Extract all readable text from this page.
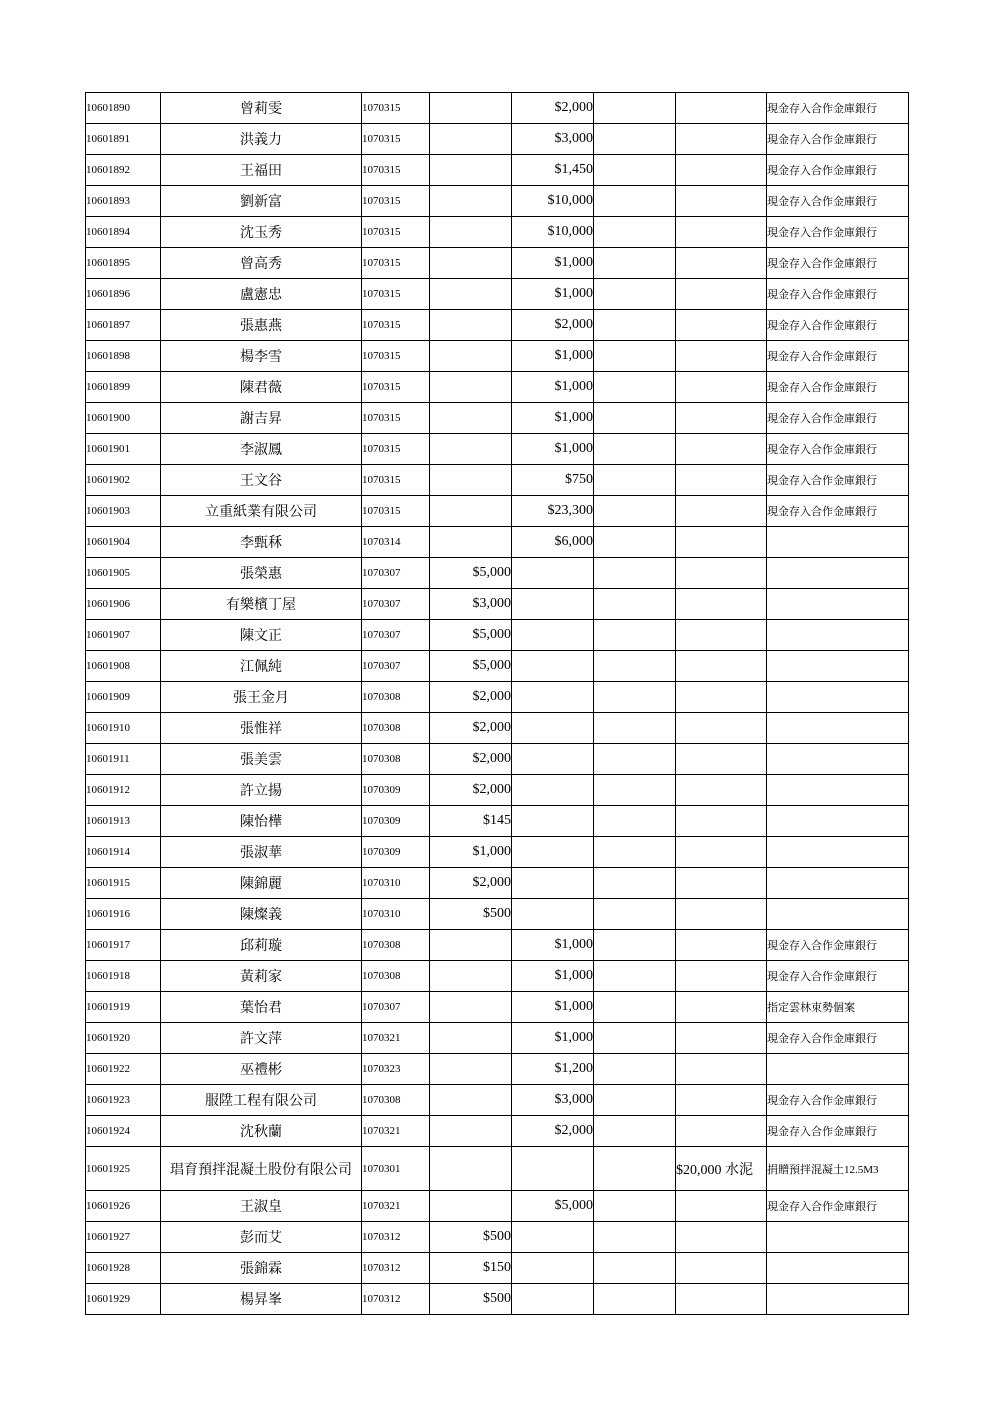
10601890	曾莉雯	1070315		$2,000			現金存入合作金庫銀行
10601891	洪義力	1070315		$3,000			現金存入合作金庫銀行
10601892	王福田	1070315		$1,450			現金存入合作金庫銀行
10601893	劉新富	1070315		$10,000			現金存入合作金庫銀行
10601894	沈玉秀	1070315		$10,000			現金存入合作金庫銀行
10601895	曾高秀	1070315		$1,000			現金存入合作金庫銀行
10601896	盧憲忠	1070315		$1,000			現金存入合作金庫銀行
10601897	張惠燕	1070315		$2,000			現金存入合作金庫銀行
10601898	楊李雪	1070315		$1,000			現金存入合作金庫銀行
10601899	陳君薇	1070315		$1,000			現金存入合作金庫銀行
10601900	謝吉昇	1070315		$1,000			現金存入合作金庫銀行
10601901	李淑鳳	1070315		$1,000			現金存入合作金庫銀行
10601902	王文谷	1070315		$750			現金存入合作金庫銀行
10601903	立重紙業有限公司	1070315		$23,300			現金存入合作金庫銀行
10601904	李甄秝	1070314		$6,000			
10601905	張榮惠	1070307	$5,000				
10601906	有樂檳丁屋	1070307	$3,000				
10601907	陳文正	1070307	$5,000				
10601908	江佩純	1070307	$5,000				
10601909	張王金月	1070308	$2,000				
10601910	張惟祥	1070308	$2,000				
10601911	張美雲	1070308	$2,000				
10601912	許立揚	1070309	$2,000				
10601913	陳怡樺	1070309	$145				
10601914	張淑華	1070309	$1,000				
10601915	陳錦麗	1070310	$2,000				
10601916	陳燦義	1070310	$500				
10601917	邱莉璇	1070308		$1,000			現金存入合作金庫銀行
10601918	黃莉家	1070308		$1,000			現金存入合作金庫銀行
10601919	葉怡君	1070307		$1,000			指定雲林束勢個案
10601920	許文萍	1070321		$1,000			現金存入合作金庫銀行
10601922	巫禮彬	1070323		$1,200			
10601923	服陞工程有限公司	1070308		$3,000			現金存入合作金庫銀行
10601924	沈秋蘭	1070321		$2,000			現金存入合作金庫銀行
10601925	琩育預拌混凝土股份有限公司	1070301				$20,000 水泥	捐贈預拌混凝土12.5M3
10601926	王淑皇	1070321		$5,000			現金存入合作金庫銀行
10601927	彭而艾	1070312	$500				
10601928	張錦霖	1070312	$150				
10601929	楊昇峯	1070312	$500				
